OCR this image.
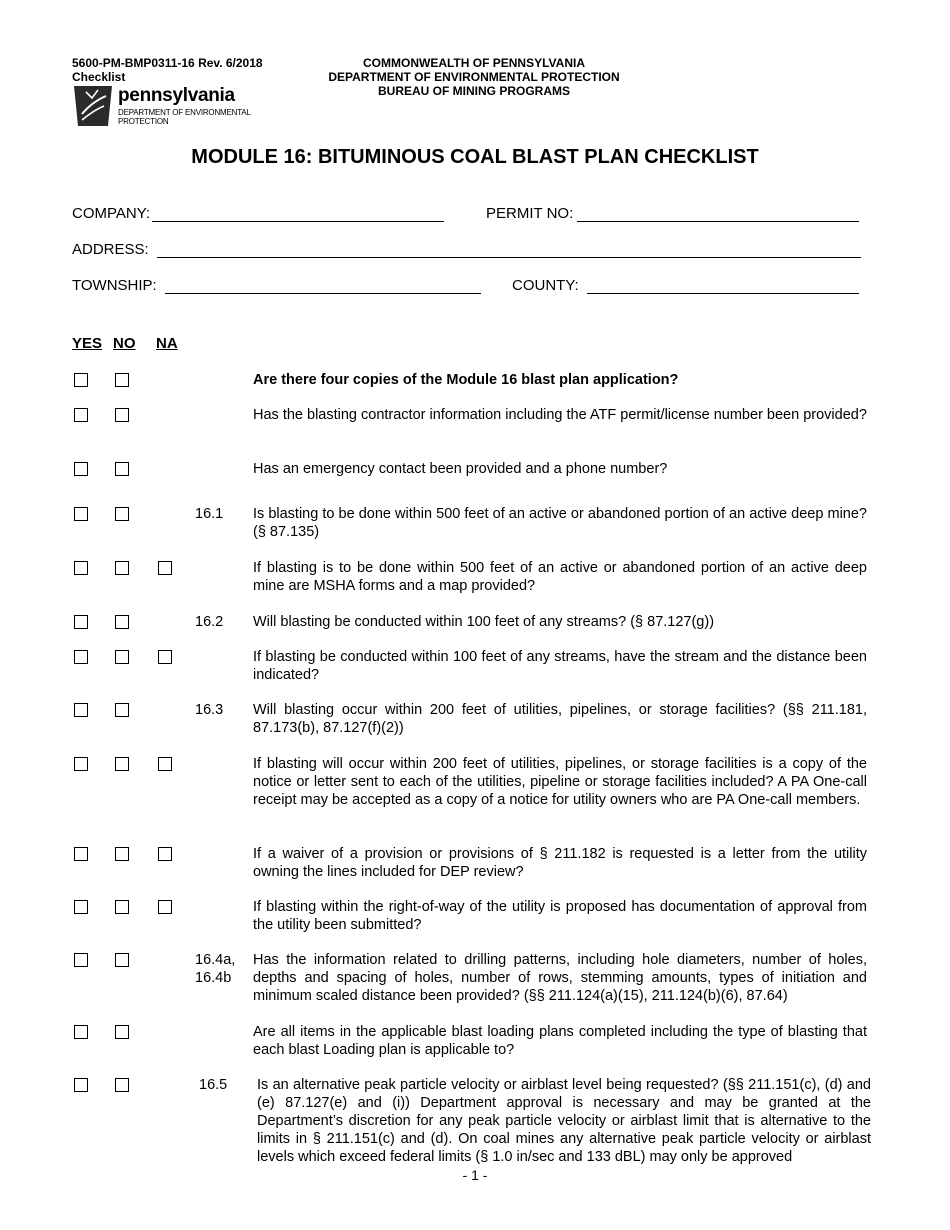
5600-PM-BMP0311-16 Rev. 6/2018
Checklist
COMMONWEALTH OF PENNSYLVANIA
DEPARTMENT OF ENVIRONMENTAL PROTECTION
BUREAU OF MINING PROGRAMS
pennsylvania
DEPARTMENT OF ENVIRONMENTAL
PROTECTION
MODULE 16: BITUMINOUS COAL BLAST PLAN CHECKLIST
COMPANY:	PERMIT NO:
ADDRESS:
TOWNSHIP:	COUNTY:
YES NO NA
Are there four copies of the Module 16 blast plan application?
Has the blasting contractor information including the ATF permit/license number been provided?
Has an emergency contact been provided and a phone number?
16.1 Is blasting to be done within 500 feet of an active or abandoned portion of an active deep mine? (§ 87.135)
If blasting is to be done within 500 feet of an active or abandoned portion of an active deep mine are MSHA forms and a map provided?
16.2 Will blasting be conducted within 100 feet of any streams? (§ 87.127(g))
If blasting be conducted within 100 feet of any streams, have the stream and the distance been indicated?
16.3 Will blasting occur within 200 feet of utilities, pipelines, or storage facilities? (§§ 211.181, 87.173(b), 87.127(f)(2))
If blasting will occur within 200 feet of utilities, pipelines, or storage facilities is a copy of the notice or letter sent to each of the utilities, pipeline or storage facilities included? A PA One-call receipt may be accepted as a copy of a notice for utility owners who are PA One-call members.
If a waiver of a provision or provisions of § 211.182 is requested is a letter from the utility owning the lines included for DEP review?
If blasting within the right-of-way of the utility is proposed has documentation of approval from the utility been submitted?
16.4a, 16.4b
Has the information related to drilling patterns, including hole diameters, number of holes, depths and spacing of holes, number of rows, stemming amounts, types of initiation and minimum scaled distance been provided? (§§ 211.124(a)(15), 211.124(b)(6), 87.64)
Are all items in the applicable blast loading plans completed including the type of blasting that each blast Loading plan is applicable to?
16.5 Is an alternative peak particle velocity or airblast level being requested? (§§ 211.151(c), (d) and (e) 87.127(e) and (i)) Department approval is necessary and may be granted at the Department’s discretion for any peak particle velocity or airblast limit that is alternative to the limits in § 211.151(c) and (d). On coal mines any alternative peak particle velocity or airblast levels which exceed federal limits (§ 1.0 in/sec and 133 dBL) may only be approved
- 1 -
